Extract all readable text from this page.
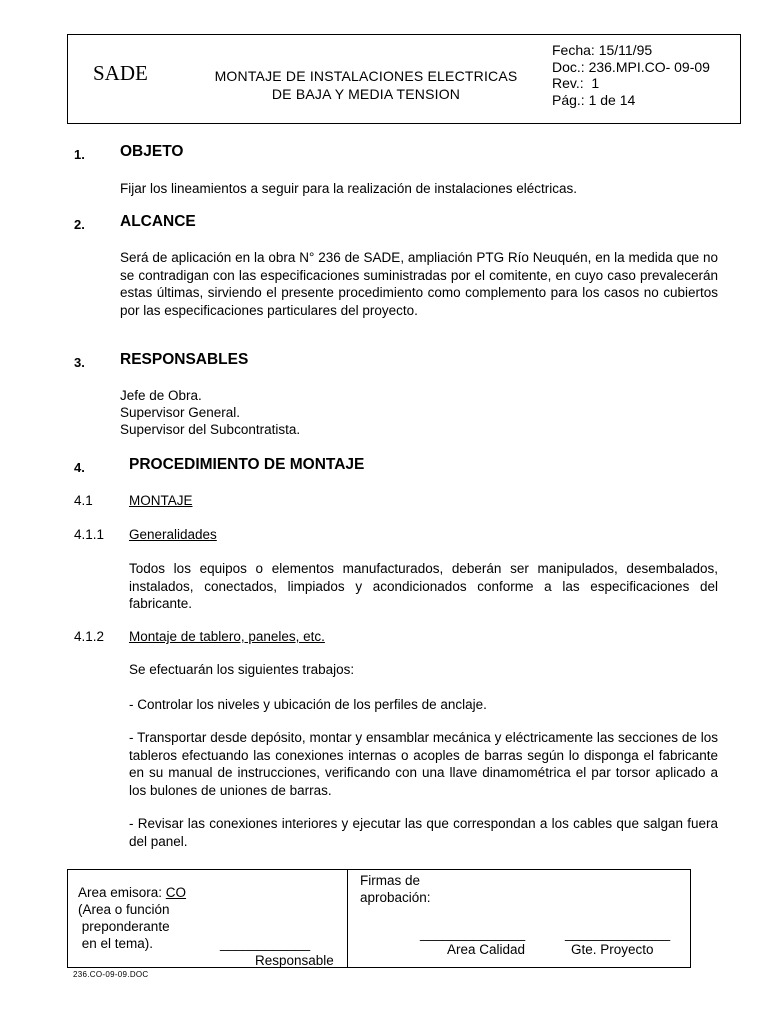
SADE	MONTAJE DE INSTALACIONES ELECTRICAS
DE BAJA Y MEDIA TENSION
Fecha: 15/11/95
Doc.: 236.MPI.CO- 09-09
Rev.:  1
Pág.: 1 de 14
1. OBJETO
Fijar los lineamientos a seguir para la realización de instalaciones eléctricas.
2. ALCANCE
Será de aplicación en la obra N° 236 de SADE, ampliación PTG Río Neuquén, en la medida que no se contradigan con las especificaciones suministradas por el comitente, en cuyo caso prevalecerán estas últimas, sirviendo el presente procedimiento como complemento para los casos no cubiertos por las especificaciones particulares del proyecto.
3. RESPONSABLES
Jefe de Obra.
Supervisor General.
Supervisor del Subcontratista.
4.	PROCEDIMIENTO DE MONTAJE
4.1	MONTAJE
4.1.1 Generalidades
Todos los equipos o elementos manufacturados, deberán ser manipulados, desembalados, instalados, conectados, limpiados y acondicionados conforme a las especificaciones del fabricante.
4.1.2 Montaje de tablero, paneles, etc.
Se efectuarán los siguientes trabajos:
- Controlar los niveles y ubicación de los perfiles de anclaje.
- Transportar desde depósito, montar y ensamblar mecánica y eléctricamente las secciones de los tableros efectuando las conexiones internas o acoples de barras según lo disponga el fabricante en su manual de instrucciones, verificando con una llave dinamométrica el par torsor aplicado a los bulones de uniones de barras.
- Revisar las conexiones interiores y ejecutar las que correspondan a los cables que salgan fuera del panel.
Area emisora: CO
(Area o función
preponderante
en el tema).	____________
Responsable
Firmas de
aprobación:
______________	______________
Area Calidad	Gte. Proyecto
236.CO-09-09.DOC
